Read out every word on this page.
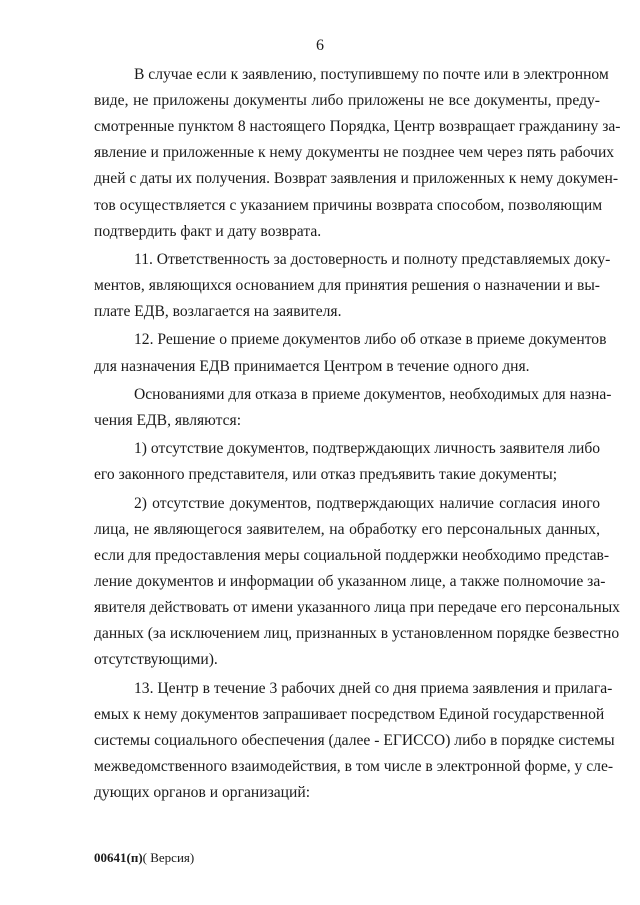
6
В случае если к заявлению, поступившему по почте или в электронном
виде, не приложены документы либо приложены не все документы, преду-
смотренные пунктом 8 настоящего Порядка, Центр возвращает гражданину за-
явление и приложенные к нему документы не позднее чем через пять рабочих
дней с даты их получения. Возврат заявления и приложенных к нему докумен-
тов осуществляется с указанием причины возврата способом, позволяющим
подтвердить факт и дату возврата.
11. Ответственность за достоверность и полноту представляемых доку-
ментов, являющихся основанием для принятия решения о назначении и вы-
плате ЕДВ, возлагается на заявителя.
12. Решение о приеме документов либо об отказе в приеме документов
для назначения ЕДВ принимается Центром в течение одного дня.
Основаниями для отказа в приеме документов, необходимых для назна-
чения ЕДВ, являются:
1) отсутствие документов, подтверждающих личность заявителя либо
его законного представителя, или отказ предъявить такие документы;
2) отсутствие документов, подтверждающих наличие согласия иного
лица, не являющегося заявителем, на обработку его персональных данных,
если для предоставления меры социальной поддержки необходимо представ-
ление документов и информации об указанном лице, а также полномочие за-
явителя действовать от имени указанного лица при передаче его персональных
данных (за исключением лиц, признанных в установленном порядке безвестно
отсутствующими).
13. Центр в течение 3 рабочих дней со дня приема заявления и прилага-
емых к нему документов запрашивает посредством Единой государственной
системы социального обеспечения (далее - ЕГИССО) либо в порядке системы
межведомственного взаимодействия, в том числе в электронной форме, у сле-
дующих органов и организаций:
00641(п)( Версия)
